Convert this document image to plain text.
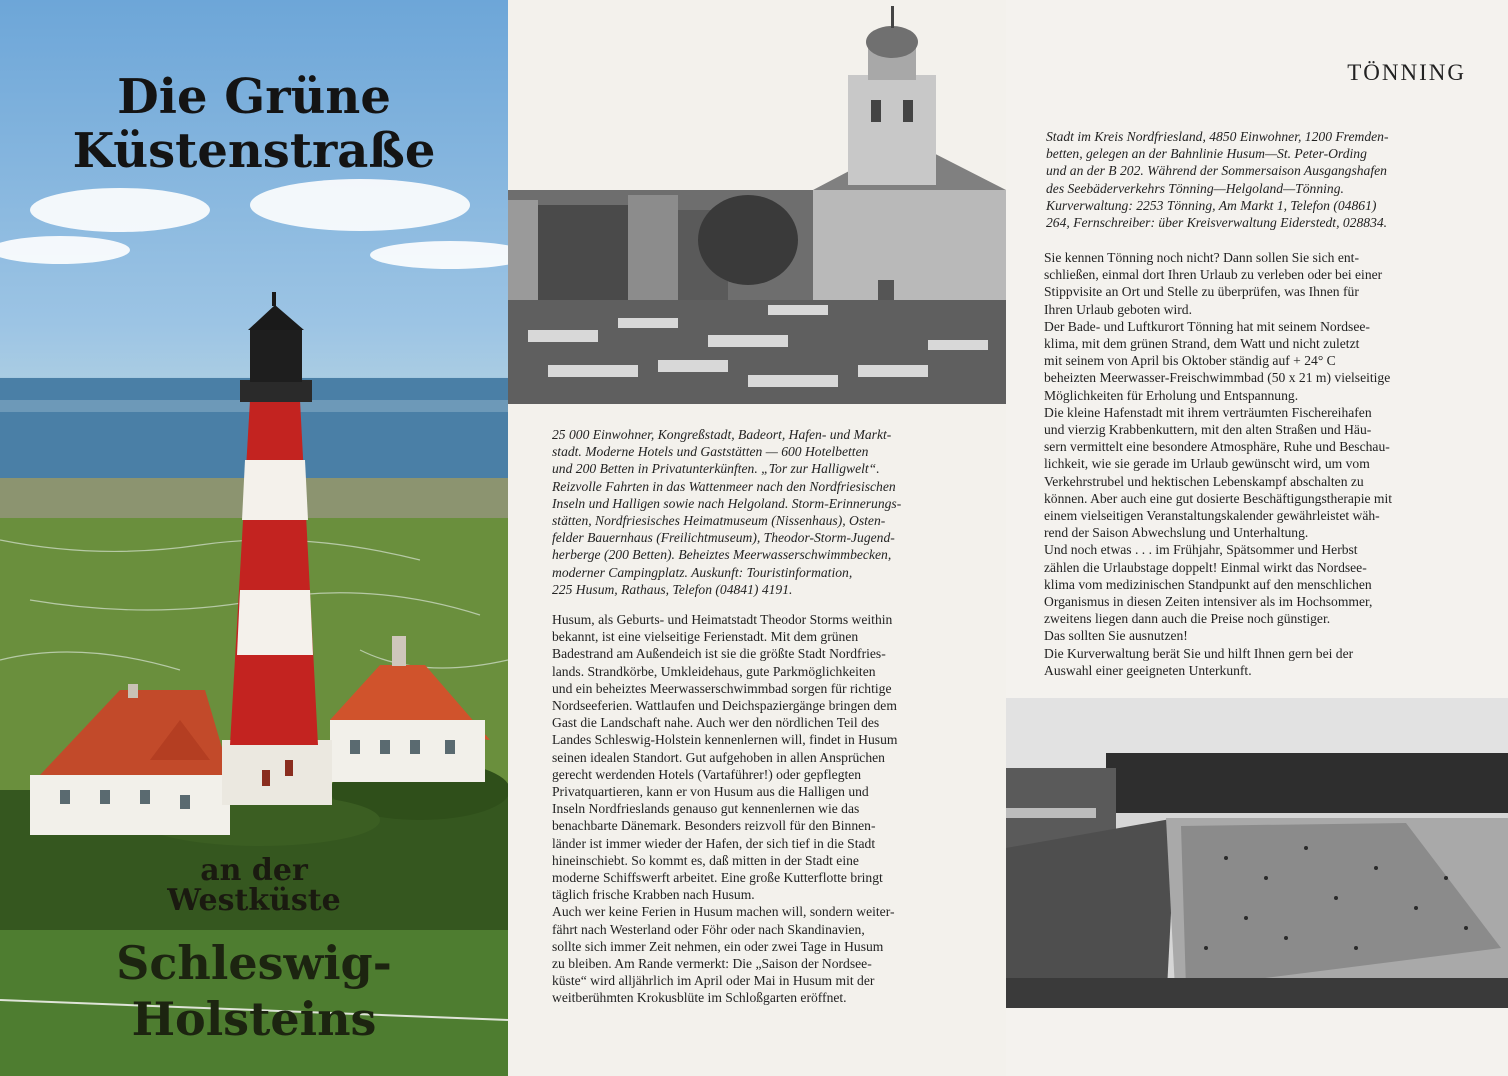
Die Grüne
Küstenstraße
an der
Westküste
Schleswig-
Holsteins
25 000 Einwohner, Kongreßstadt, Badeort, Hafen- und Markt-
stadt. Moderne Hotels und Gaststätten — 600 Hotelbetten
und 200 Betten in Privatunterkünften. „Tor zur Halligwelt“.
Reizvolle Fahrten in das Wattenmeer nach den Nordfriesischen
Inseln und Halligen sowie nach Helgoland. Storm-Erinnerungs-
stätten, Nordfriesisches Heimatmuseum (Nissenhaus), Osten-
felder Bauernhaus (Freilichtmuseum), Theodor-Storm-Jugend-
herberge (200 Betten). Beheiztes Meerwasserschwimmbecken,
moderner Campingplatz. Auskunft: Touristinformation,
225 Husum, Rathaus, Telefon (04841) 4191.
Husum, als Geburts- und Heimatstadt Theodor Storms weithin
bekannt, ist eine vielseitige Ferienstadt. Mit dem grünen
Badestrand am Außendeich ist sie die größte Stadt Nordfries-
lands. Strandkörbe, Umkleidehaus, gute Parkmöglichkeiten
und ein beheiztes Meerwasserschwimmbad sorgen für richtige
Nordseeferien. Wattlaufen und Deichspaziergänge bringen dem
Gast die Landschaft nahe. Auch wer den nördlichen Teil des
Landes Schleswig-Holstein kennenlernen will, findet in Husum
seinen idealen Standort. Gut aufgehoben in allen Ansprüchen
gerecht werdenden Hotels (Vartaführer!) oder gepflegten
Privatquartieren, kann er von Husum aus die Halligen und
Inseln Nordfrieslands genauso gut kennenlernen wie das
benachbarte Dänemark. Besonders reizvoll für den Binnen-
länder ist immer wieder der Hafen, der sich tief in die Stadt
hineinschiebt. So kommt es, daß mitten in der Stadt eine
moderne Schiffswerft arbeitet. Eine große Kutterflotte bringt
täglich frische Krabben nach Husum.
Auch wer keine Ferien in Husum machen will, sondern weiter-
fährt nach Westerland oder Föhr oder nach Skandinavien,
sollte sich immer Zeit nehmen, ein oder zwei Tage in Husum
zu bleiben. Am Rande vermerkt: Die „Saison der Nordsee-
küste“ wird alljährlich im April oder Mai in Husum mit der
weitberühmten Krokusblüte im Schloßgarten eröffnet.
TÖNNING
Stadt im Kreis Nordfriesland, 4850 Einwohner, 1200 Fremden-
betten, gelegen an der Bahnlinie Husum—St. Peter-Ording
und an der B 202. Während der Sommersaison Ausgangshafen
des Seebäderverkehrs Tönning—Helgoland—Tönning.
Kurverwaltung: 2253 Tönning, Am Markt 1, Telefon (04861)
264, Fernschreiber: über Kreisverwaltung Eiderstedt, 028834.
Sie kennen Tönning noch nicht? Dann sollen Sie sich ent-
schließen, einmal dort Ihren Urlaub zu verleben oder bei einer
Stippvisite an Ort und Stelle zu überprüfen, was Ihnen für
Ihren Urlaub geboten wird.
Der Bade- und Luftkurort Tönning hat mit seinem Nordsee-
klima, mit dem grünen Strand, dem Watt und nicht zuletzt
mit seinem von April bis Oktober ständig auf + 24° C
beheizten Meerwasser-Freischwimmbad (50 x 21 m) vielseitige
Möglichkeiten für Erholung und Entspannung.
Die kleine Hafenstadt mit ihrem verträumten Fischereihafen
und vierzig Krabbenkuttern, mit den alten Straßen und Häu-
sern vermittelt eine besondere Atmosphäre, Ruhe und Beschau-
lichkeit, wie sie gerade im Urlaub gewünscht wird, um vom
Verkehrstrubel und hektischen Lebenskampf abschalten zu
können. Aber auch eine gut dosierte Beschäftigungstherapie mit
einem vielseitigen Veranstaltungskalender gewährleistet wäh-
rend der Saison Abwechslung und Unterhaltung.
Und noch etwas . . . im Frühjahr, Spätsommer und Herbst
zählen die Urlaubstage doppelt! Einmal wirkt das Nordsee-
klima vom medizinischen Standpunkt auf den menschlichen
Organismus in diesen Zeiten intensiver als im Hochsommer,
zweitens liegen dann auch die Preise noch günstiger.
Das sollten Sie ausnutzen!
Die Kurverwaltung berät Sie und hilft Ihnen gern bei der
Auswahl einer geeigneten Unterkunft.
